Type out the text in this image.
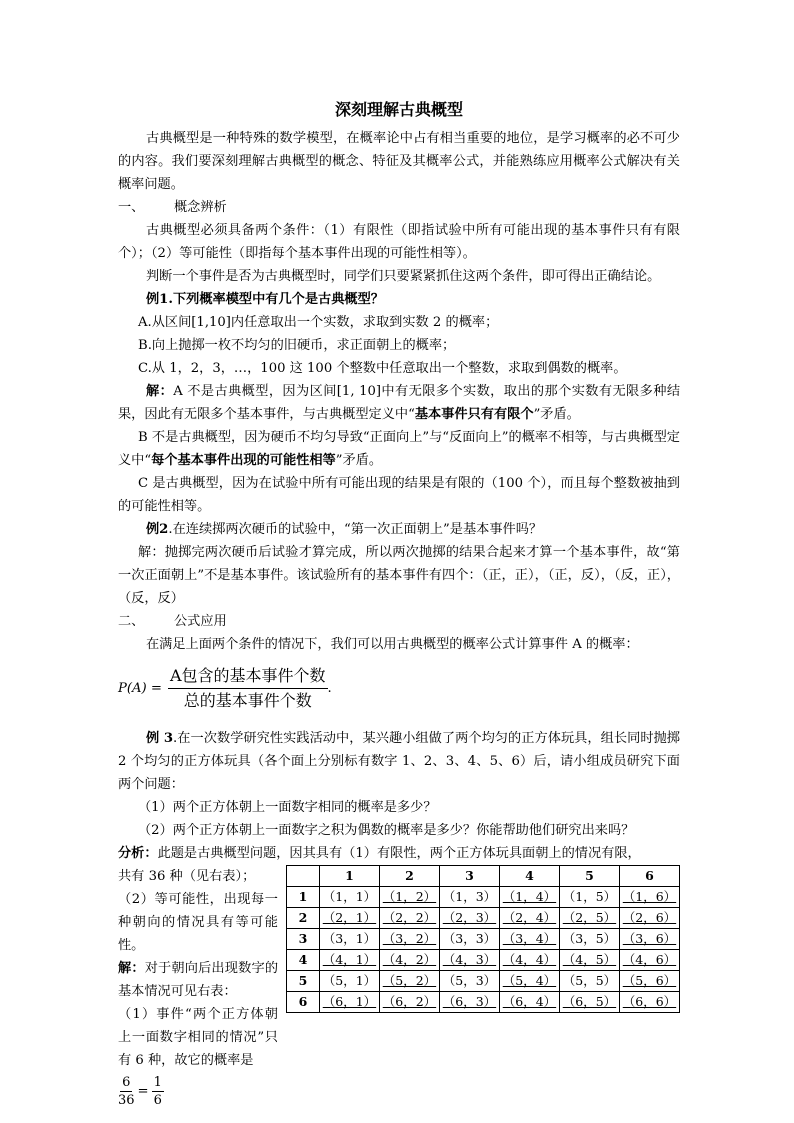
深刻理解古典概型

古典概型是一种特殊的数学模型，在概率论中占有相当重要的地位，是学习概率的必不可少的内容。我们要深刻理解古典概型的概念、特征及其概率公式，并能熟练应用概率公式解决有关概率问题。

一、	概念辨析

古典概型必须具备两个条件：（1）有限性（即指试验中所有可能出现的基本事件只有有限个）；（2）等可能性（即指每个基本事件出现的可能性相等）。

判断一个事件是否为古典概型时，同学们只要紧紧抓住这两个条件，即可得出正确结论。

例1.下列概率模型中有几个是古典概型？

A.从区间[1,10]内任意取出一个实数，求取到实数 2 的概率；

B.向上抛掷一枚不均匀的旧硬币，求正面朝上的概率；

C.从 1，2，3，…，100 这 100 个整数中任意取出一个整数，求取到偶数的概率。

解：A 不是古典概型，因为区间[1, 10]中有无限多个实数，取出的那个实数有无限多种结果，因此有无限多个基本事件，与古典概型定义中“基本事件只有有限个”矛盾。

B 不是古典概型，因为硬币不均匀导致“正面向上”与“反面向上”的概率不相等，与古典概型定义中“每个基本事件出现的可能性相等”矛盾。

C 是古典概型，因为在试验中所有可能出现的结果是有限的（100 个），而且每个整数被抽到的可能性相等。

例2.在连续掷两次硬币的试验中，“第一次正面朝上”是基本事件吗？

解：抛掷完两次硬币后试验才算完成，所以两次抛掷的结果合起来才算一个基本事件，故“第一次正面朝上”不是基本事件。该试验所有的基本事件有四个：（正，正），（正，反），（反，正），（反，反）

二、	公式应用

在满足上面两个条件的情况下，我们可以用古典概型的概率公式计算事件 A 的概率：

$P(A) = \frac{\text{A包含的基本事件个数}}{\text{总的基本事件个数}}$ .

例 3.在一次数学研究性实践活动中，某兴趣小组做了两个均匀的正方体玩具，组长同时抛掷 2 个均匀的正方体玩具（各个面上分别标有数字 1、2、3、4、5、6）后，请小组成员研究下面两个问题：

（1）两个正方体朝上一面数字相同的概率是多少？

（2）两个正方体朝上一面数字之积为偶数的概率是多少？你能帮助他们研究出来吗？

分析：此题是古典概型问题，因其具有（1）有限性，两个正方体玩具面朝上的情况有限，

共有 36 种（见右表）；

（2）等可能性，出现每一种朝向的情况具有等可能性。

解：对于朝向后出现数字的基本情况可见右表：

（1）事件“两个正方体朝上一面数字相同的情况”只有 6 种，故它的概率是

	1	2	3	4	5	6
1	（1，1）	（1，2）	（1，3）	（1，4）	（1，5）	（1，6）
2	（2，1）	（2，2）	（2，3）	（2，4）	（2，5）	（2，6）
3	（3，1）	（3，2）	（3，3）	（3，4）	（3，5）	（3，6）
4	（4，1）	（4，2）	（4，3）	（4，4）	（4，5）	（4，6）
5	（5，1）	（5，2）	（5，3）	（5，4）	（5，5）	（5，6）
6	（6，1）	（6，2）	（6，3）	（6，4）	（6，5）	（6，6）
$\frac{6}{36} = \frac{1}{6}$
